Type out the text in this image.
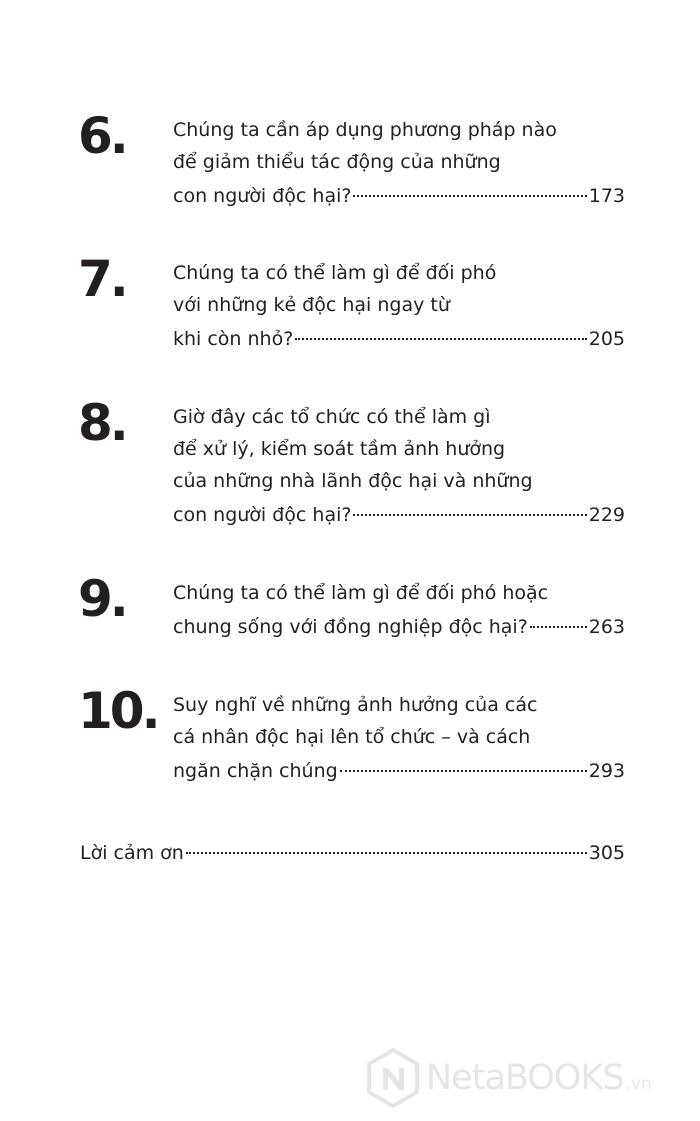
6. Chúng ta cần áp dụng phương pháp nào
để giảm thiểu tác động của những
con người độc hại?	173
7. Chúng ta có thể làm gì để đối phó
với những kẻ độc hại ngay từ
khi còn nhỏ?	205
8. Giờ đây các tổ chức có thể làm gì
để xử lý, kiểm soát tầm ảnh hưởng
của những nhà lãnh độc hại và những
con người độc hại?	229
9. Chúng ta có thể làm gì để đối phó hoặc
chung sống với đồng nghiệp độc hại?	263
10. Suy nghĩ về những ảnh hưởng của các
cá nhân độc hại lên tổ chức – và cách
ngăn chặn chúng	293
Lời cảm ơn	305
NetaBOOKS .vn
